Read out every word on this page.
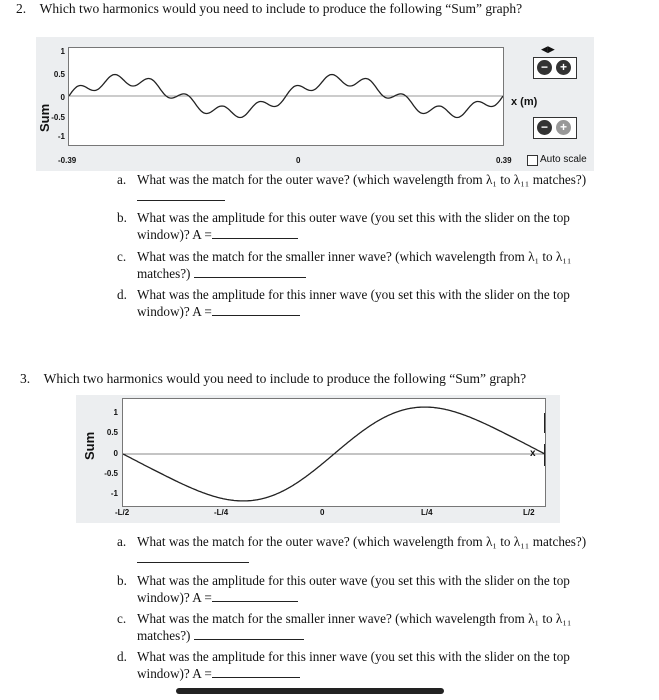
2. Which two harmonics would you need to include to produce the following “Sum” graph?
Sum
1
0.5
0
-0.5
-1
x (m)
-0.39	0	0.39
◀▶
− +
− +
Auto scale
a. What was the match for the outer wave? (which wavelength from λ₁ to λ₁₁ matches?)
b. What was the amplitude for this outer wave (you set this with the slider on the top window)? A =
c. What was the match for the smaller inner wave? (which wavelength from λ₁ to λ₁₁ matches?)
d. What was the amplitude for this inner wave (you set this with the slider on the top window)? A =
3. Which two harmonics would you need to include to produce the following “Sum” graph?
Sum
1
0.5
0
-0.5
-1
x
-L/2	-L/4	0	L/4	L/2
a. What was the match for the outer wave? (which wavelength from λ₁ to λ₁₁ matches?)
b. What was the amplitude for this outer wave (you set this with the slider on the top window)? A =
c. What was the match for the smaller inner wave? (which wavelength from λ₁ to λ₁₁ matches?)
d. What was the amplitude for this inner wave (you set this with the slider on the top window)? A =
